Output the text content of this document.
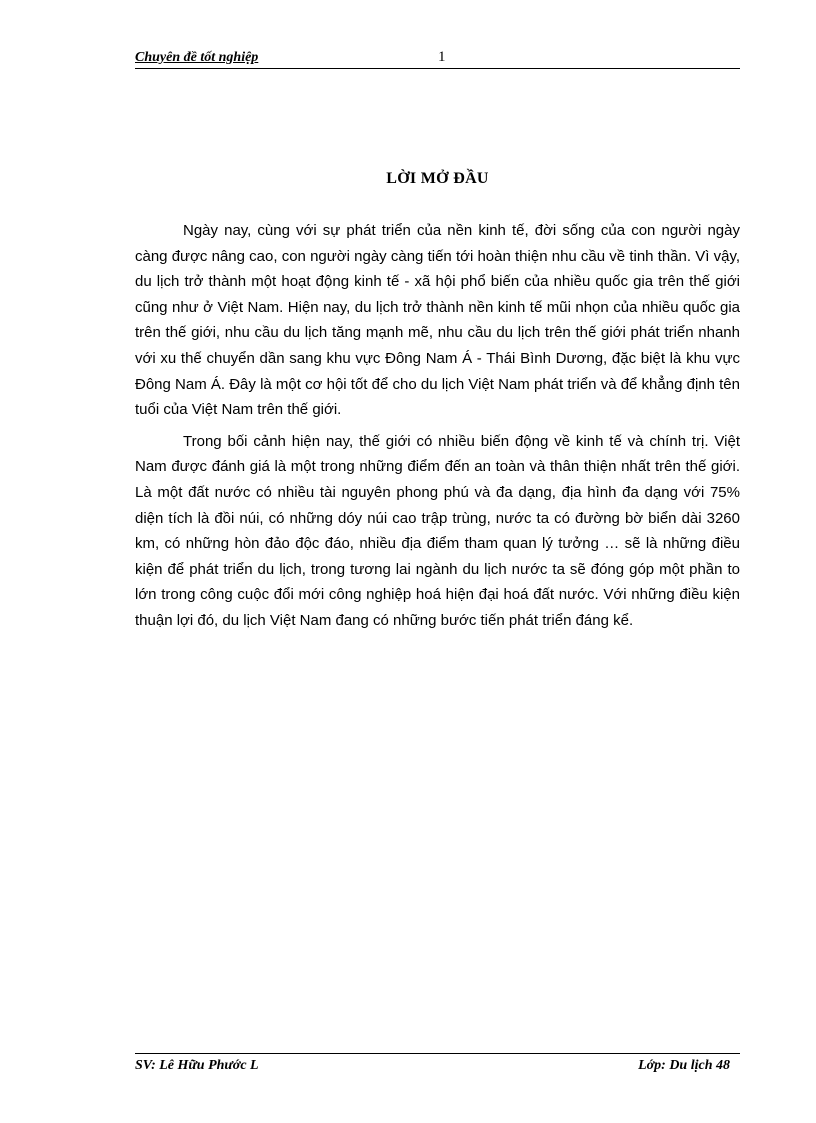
Chuyên đề tốt nghiệp	1
LỜI MỞ ĐẦU

Ngày nay, cùng với sự phát triển của nền kinh tế, đời sống của con người ngày càng được nâng cao, con người ngày càng tiến tới hoàn thiện nhu cầu về tinh thần. Vì vậy, du lịch trở thành một hoạt động kinh tế - xã hội phổ biến của nhiều quốc gia trên thế giới cũng như ở Việt Nam. Hiện nay, du lịch trở thành nền kinh tế mũi nhọn của nhiều quốc gia trên thế giới, nhu cầu du lịch tăng mạnh mẽ, nhu cầu du lịch trên thế giới phát triển nhanh với xu thế chuyển dần sang khu vực Đông Nam Á - Thái Bình Dương, đặc biệt là khu vực Đông Nam Á. Đây là một cơ hội tốt để cho du lịch Việt Nam phát triển và để khẳng định tên tuổi của Việt Nam trên thế giới.

Trong bối cảnh hiện nay, thế giới có nhiều biến động về kinh tế và chính trị. Việt Nam được đánh giá là một trong những điểm đến an toàn và thân thiện nhất trên thế giới. Là một đất nước có nhiều tài nguyên phong phú và đa dạng, địa hình đa dạng với 75% diện tích là đồi núi, có những dóy núi cao trập trùng, nước ta có đường bờ biển dài 3260 km, có những hòn đảo độc đáo, nhiều địa điểm tham quan lý tưởng … sẽ là những điều kiện để phát triển du lịch, trong tương lai ngành du lịch nước ta sẽ đóng góp một phần to lớn trong công cuộc đổi mới công nghiệp hoá hiện đại hoá đất nước. Với những điều kiện thuận lợi đó, du lịch Việt Nam đang có những bước tiến phát triển đáng kể.

SV: Lê Hữu Phước L	Lớp: Du lịch 48
